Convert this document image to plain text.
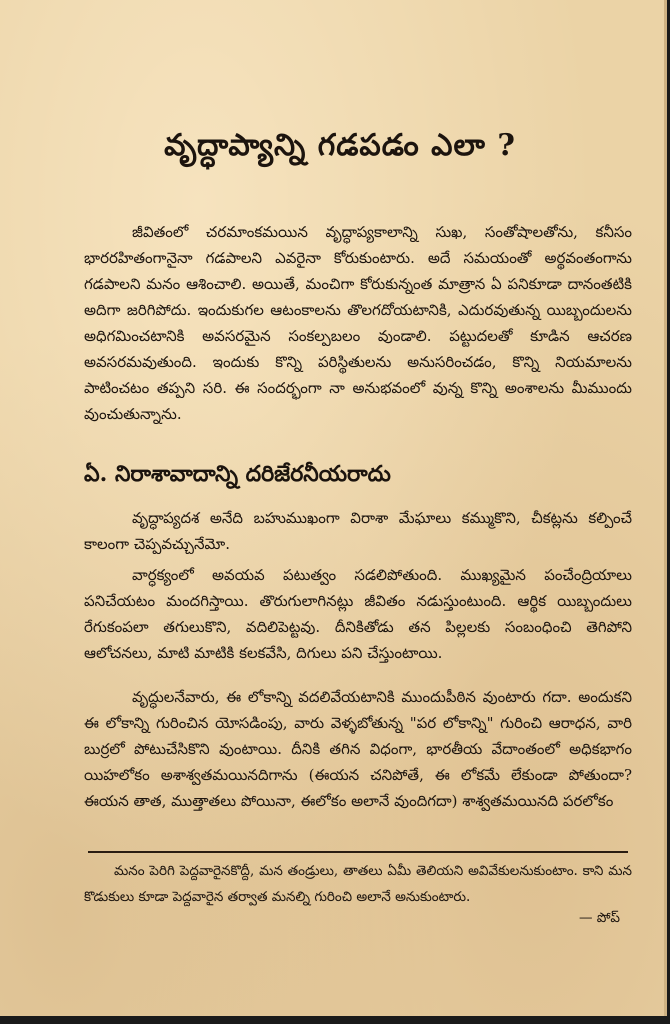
వృద్ధాప్యాన్ని గడపడం ఎలా ?

జీవితంలో చరమాంకమయిన వృద్ధాప్యకాలాన్ని సుఖ, సంతోషాలతోను, కనీసం భారరహితంగానైనా గడపాలని ఎవరైనా కోరుకుంటారు. అదే సమయంతో అర్థవంతంగాను గడపాలని మనం ఆశించాలి. అయితే, మంచిగా కోరుకున్నంత మాత్రాన ఏ పనికూడా దానంతటికి అదిగా జరిగిపోదు. ఇందుకుగల ఆటంకాలను తొలగదోయటానికి, ఎదురవుతున్న యిబ్బందులను అధిగమించటానికి అవసరమైన సంకల్పబలం వుండాలి. పట్టుదలతో కూడిన ఆచరణ అవసరమవుతుంది. ఇందుకు కొన్ని పరిస్థితులను అనుసరించడం, కొన్ని నియమాలను పాటించటం తప్పని సరి. ఈ సందర్భంగా నా అనుభవంలో వున్న కొన్ని అంశాలను మీముందు వుంచుతున్నాను.

ఏ. నిరాశావాదాన్ని దరిజేరనీయరాదు

వృద్ధాప్యదశ అనేది బహుముఖంగా విరాశా మేఘాలు కమ్ముకొని, చీకట్లను కల్పించే కాలంగా చెప్పవచ్చునేమో.

వార్ధక్యంలో అవయవ పటుత్వం సడలిపోతుంది. ముఖ్యమైన పంచేంద్రియాలు పనిచేయటం మందగిస్తాయి. తొరుగులాగినట్లు జీవితం నడుస్తుంటుంది. ఆర్థిక యిబ్బందులు రేగుకంపలా తగులుకొని, వదిలిపెట్టవు. దీనికితోడు తన పిల్లలకు సంబంధించి తెగిపోని ఆలోచనలు, మాటి మాటికి కలకవేసి, దిగులు పని చేస్తుంటాయి.

వృద్ధులనేవారు, ఈ లోకాన్ని వదలివేయటానికి ముందుపీఠిన వుంటారు గదా. అందుకని ఈ లోకాన్ని గురించిన యోసడింపు, వారు వెళ్ళబోతున్న "పర లోకాన్ని" గురించి ఆరాధన, వారి బుర్రలో పోటుచేసికొని వుంటాయి. దీనికి తగిన విధంగా, భారతీయ వేదాంతంలో అధికభాగం యిహలోకం అశాశ్వతమయినదిగాను (ఈయన చనిపోతే, ఈ లోకమే లేకుండా పోతుందా? ఈయన తాత, ముత్తాతలు పోయినా, ఈలోకం అలానే వుందిగదా) శాశ్వతమయినది పరలోకం

మనం పెరిగి పెద్దవారైనకొద్దీ, మన తండ్రులు, తాతలు ఏమీ తెలియని అవివేకులనుకుంటాం. కాని మన కొడుకులు కూడా పెద్దవారైన తర్వాత మనల్ని గురించి అలానే అనుకుంటారు.

— పోప్
